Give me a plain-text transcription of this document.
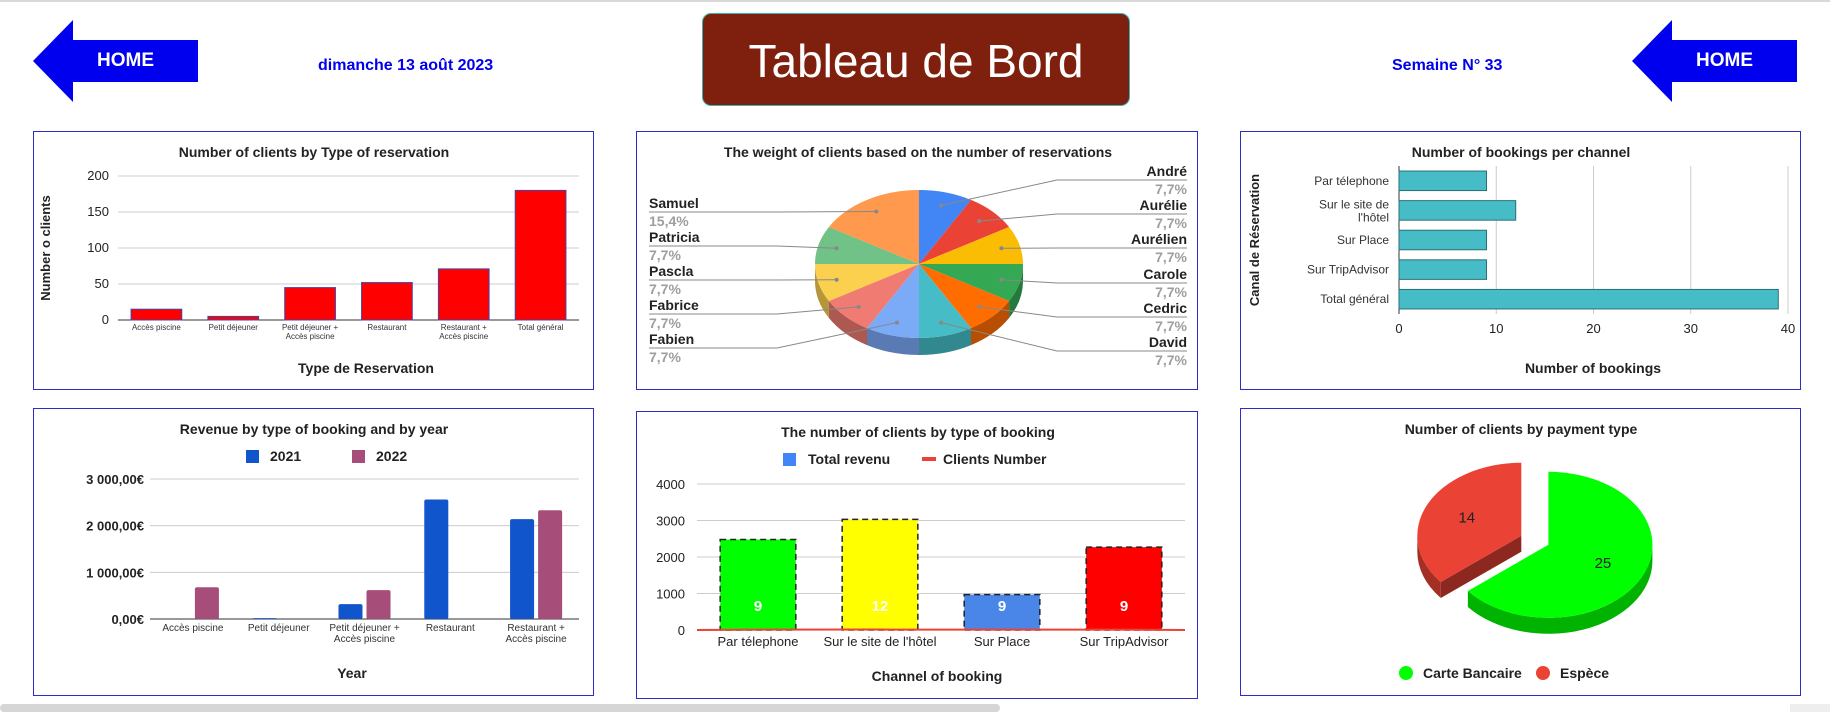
HOME	dimanche 13 août 2023	Tableau de Bord	Semaine N° 33	HOME
Number of clients by Type of reservation
0
50
100
150
200
Accès piscine	Petit déjeuner	Petit déjeuner + Accès piscine
Restaurant	Restaurant + Accès piscine
Total général
Number o clients
Type de Reservation
The weight of clients based on the number of reservations
André
7,7%
Aurélie
7,7%
Aurélien
7,7%
Carole
7,7%
Cedric
7,7%
David
7,7%
Fabien
7,7%
Fabrice
7,7%
Pascla
7,7%
Patricia
7,7%
Samuel
15,4%
Number of bookings per channel
0	10	20	30	40
Par télephone
Sur le site de l'hôtel
Sur Place
Sur TripAdvisor
Total général
Canal de Réservation
Number of bookings
Revenue by type of booking and by year
2021	2022
0,00€
1 000,00€
2 000,00€
3 000,00€
Accès piscine Petit déjeuner Petit déjeuner + Accès piscine
Restaurant	Restaurant + Accès piscine
Year
The number of clients by type of booking
Total revenu	Clients Number
0
1000
2000
3000
4000
9
Par télephone
12
Sur le site de l'hôtel
9
Sur Place
9
Sur TripAdvisor
Channel of booking
Number of clients by payment type
25
14
Carte Bancaire	Espèce
